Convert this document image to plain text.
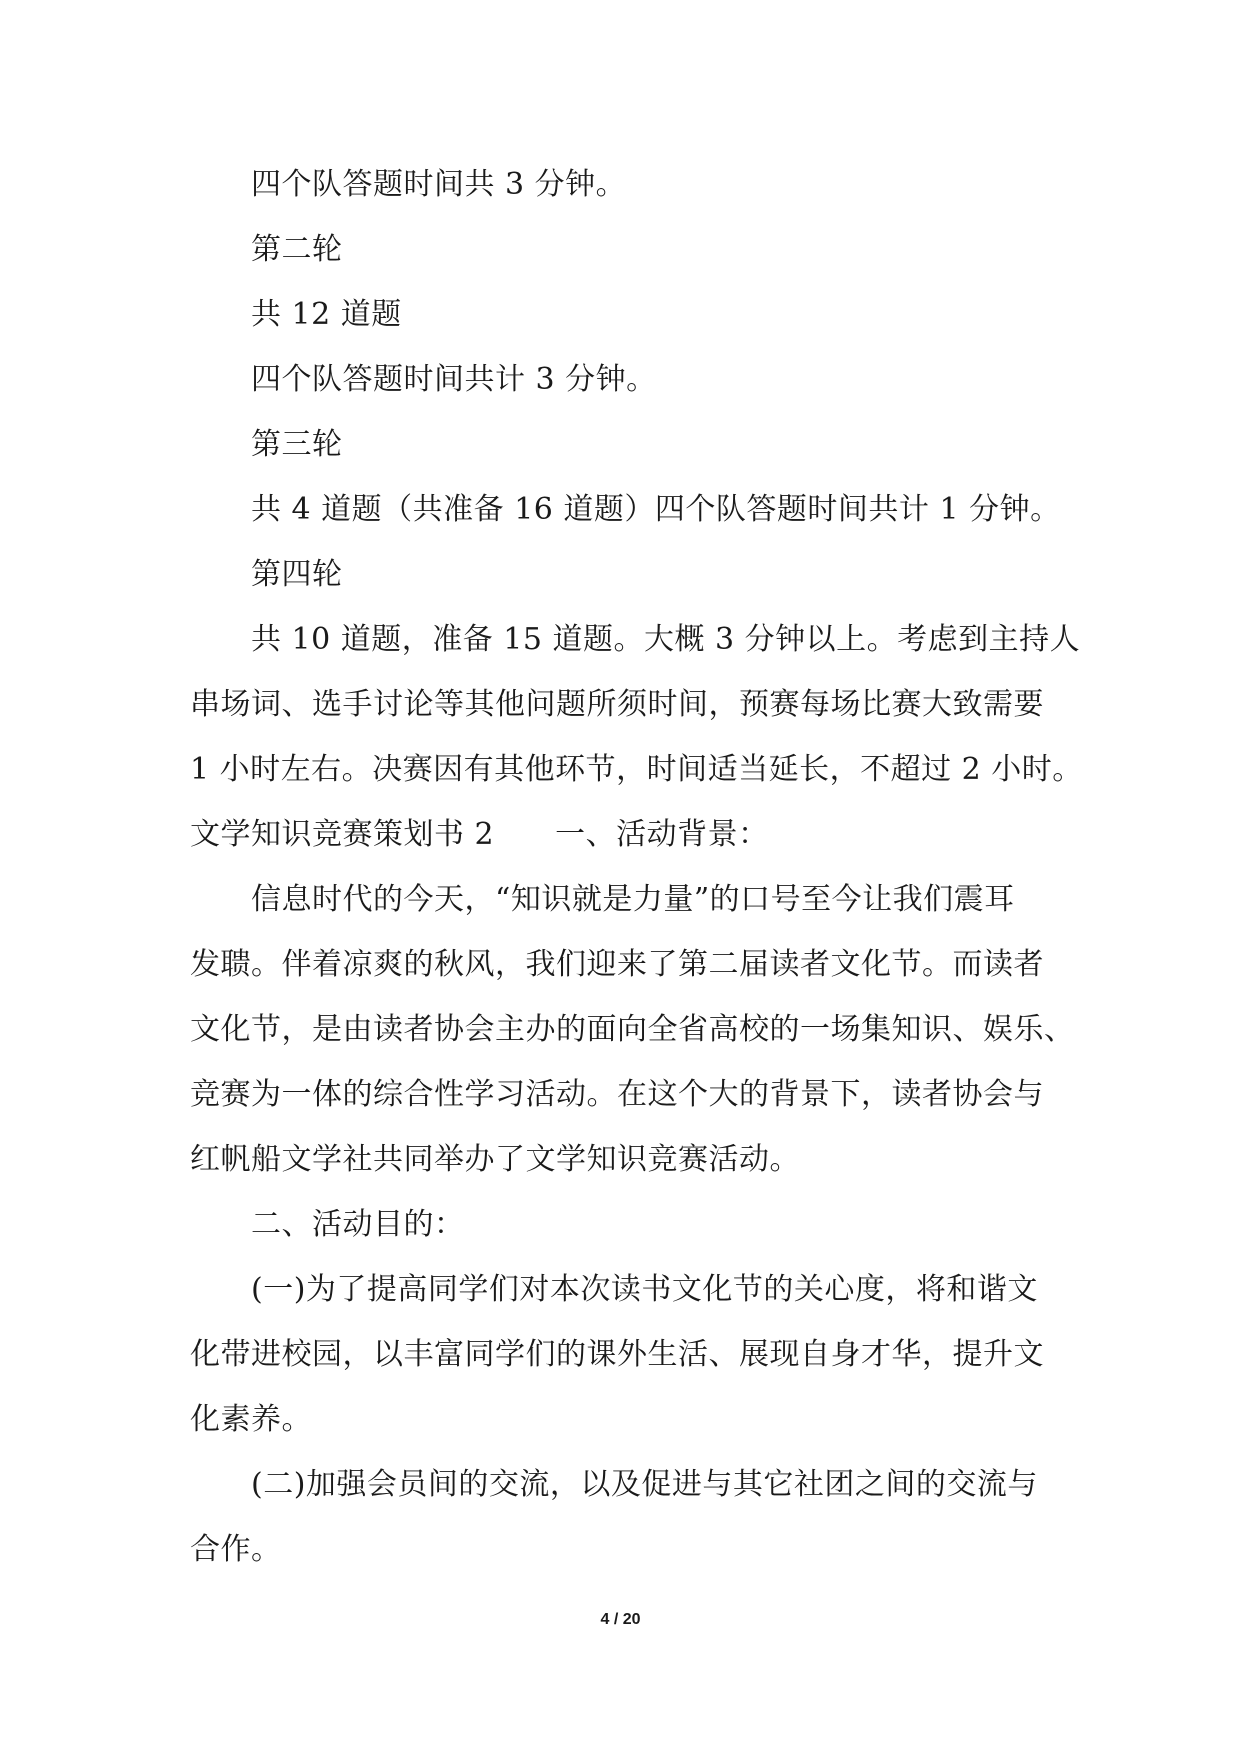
四个队答题时间共 3 分钟。
第二轮
共 12 道题
四个队答题时间共计 3 分钟。
第三轮
共 4 道题（共准备 16 道题）四个队答题时间共计 1 分钟。
第四轮
共 10 道题，准备 15 道题。大概 3 分钟以上。考虑到主持人
串场词、选手讨论等其他问题所须时间，预赛每场比赛大致需要
1 小时左右。决赛因有其他环节，时间适当延长，不超过 2 小时。
文学知识竞赛策划书 2　　一、活动背景：
信息时代的今天，“知识就是力量”的口号至今让我们震耳
发聩。伴着凉爽的秋风，我们迎来了第二届读者文化节。而读者
文化节，是由读者协会主办的面向全省高校的一场集知识、娱乐、
竞赛为一体的综合性学习活动。在这个大的背景下，读者协会与
红帆船文学社共同举办了文学知识竞赛活动。
二、活动目的：
(一)为了提高同学们对本次读书文化节的关心度，将和谐文
化带进校园，以丰富同学们的课外生活、展现自身才华，提升文
化素养。
(二)加强会员间的交流，以及促进与其它社团之间的交流与
合作。
4 / 20
